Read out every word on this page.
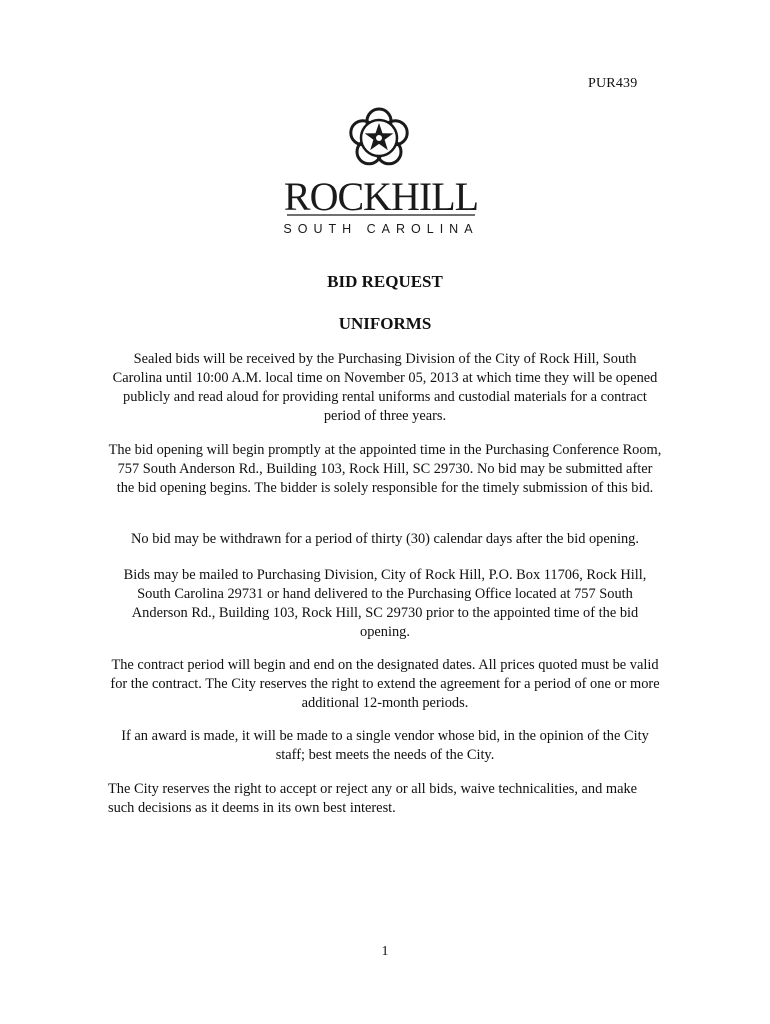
PUR439
ROCKHILL
SOUTH CAROLINA
BID REQUEST
UNIFORMS

Sealed bids will be received by the Purchasing Division of the City of Rock Hill, South Carolina until 10:00 A.M. local time on November 05, 2013 at which time they will be opened publicly and read aloud for providing rental uniforms and custodial materials for a contract period of three years.

The bid opening will begin promptly at the appointed time in the Purchasing Conference Room, 757 South Anderson Rd., Building 103, Rock Hill, SC 29730. No bid may be submitted after the bid opening begins. The bidder is solely responsible for the timely submission of this bid.

No bid may be withdrawn for a period of thirty (30) calendar days after the bid opening.

Bids may be mailed to Purchasing Division, City of Rock Hill, P.O. Box 11706, Rock Hill, South Carolina 29731 or hand delivered to the Purchasing Office located at 757 South Anderson Rd., Building 103, Rock Hill, SC 29730 prior to the appointed time of the bid opening.

The contract period will begin and end on the designated dates. All prices quoted must be valid for the contract. The City reserves the right to extend the agreement for a period of one or more additional 12-month periods.

If an award is made, it will be made to a single vendor whose bid, in the opinion of the City staff; best meets the needs of the City.

The City reserves the right to accept or reject any or all bids, waive technicalities, and make such decisions as it deems in its own best interest.

1
